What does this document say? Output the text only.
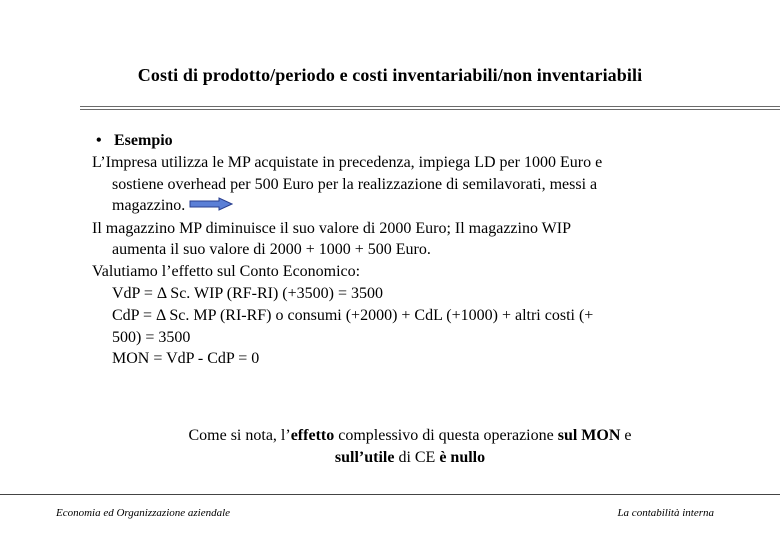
Costi di prodotto/periodo e costi inventariabili/non inventariabili
• Esempio
L’Impresa utilizza le MP acquistate in precedenza, impiega LD per 1000 Euro e
sostiene overhead per 500 Euro per la realizzazione di semilavorati, messi a
magazzino.
Il magazzino MP diminuisce il suo valore di 2000 Euro; Il magazzino WIP
aumenta il suo valore di 2000 + 1000 + 500 Euro.
Valutiamo l’effetto sul Conto Economico:
VdP = Δ Sc. WIP (RF-RI) (+3500) = 3500
CdP = Δ Sc. MP (RI-RF) o consumi (+2000) + CdL (+1000) + altri costi (+
500) = 3500
MON = VdP - CdP = 0
Come si nota, l’effetto complessivo di questa operazione sul MON e
sull’utile di CE è nullo
Economia ed Organizzazione aziendale	La contabilità interna
